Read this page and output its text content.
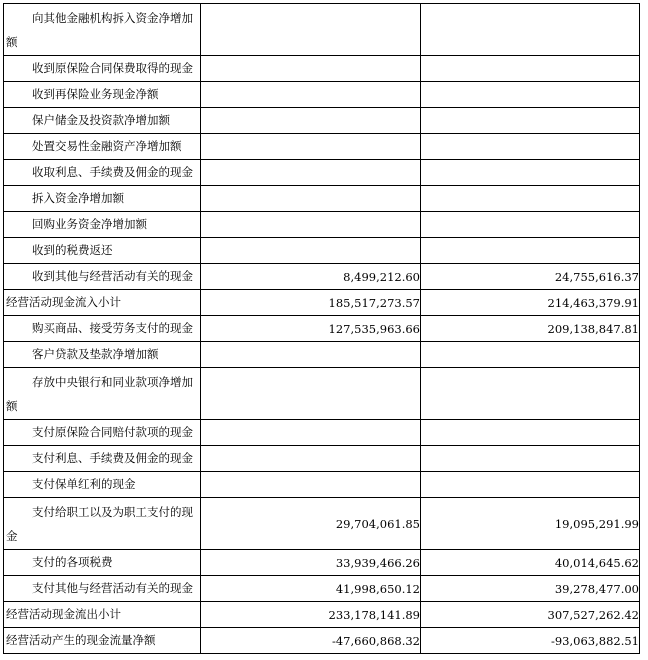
向其他金融机构拆入资金净增加额		
收到原保险合同保费取得的现金		
收到再保险业务现金净额		
保户储金及投资款净增加额		
处置交易性金融资产净增加额		
收取利息、手续费及佣金的现金		
拆入资金净增加额		
回购业务资金净增加额		
收到的税费返还		
收到其他与经营活动有关的现金	8,499,212.60	24,755,616.37
经营活动现金流入小计	185,517,273.57	214,463,379.91
购买商品、接受劳务支付的现金	127,535,963.66	209,138,847.81
客户贷款及垫款净增加额		
存放中央银行和同业款项净增加额		
支付原保险合同赔付款项的现金		
支付利息、手续费及佣金的现金		
支付保单红利的现金		
支付给职工以及为职工支付的现金	29,704,061.85	19,095,291.99
支付的各项税费	33,939,466.26	40,014,645.62
支付其他与经营活动有关的现金	41,998,650.12	39,278,477.00
经营活动现金流出小计	233,178,141.89	307,527,262.42
经营活动产生的现金流量净额	-47,660,868.32	-93,063,882.51
